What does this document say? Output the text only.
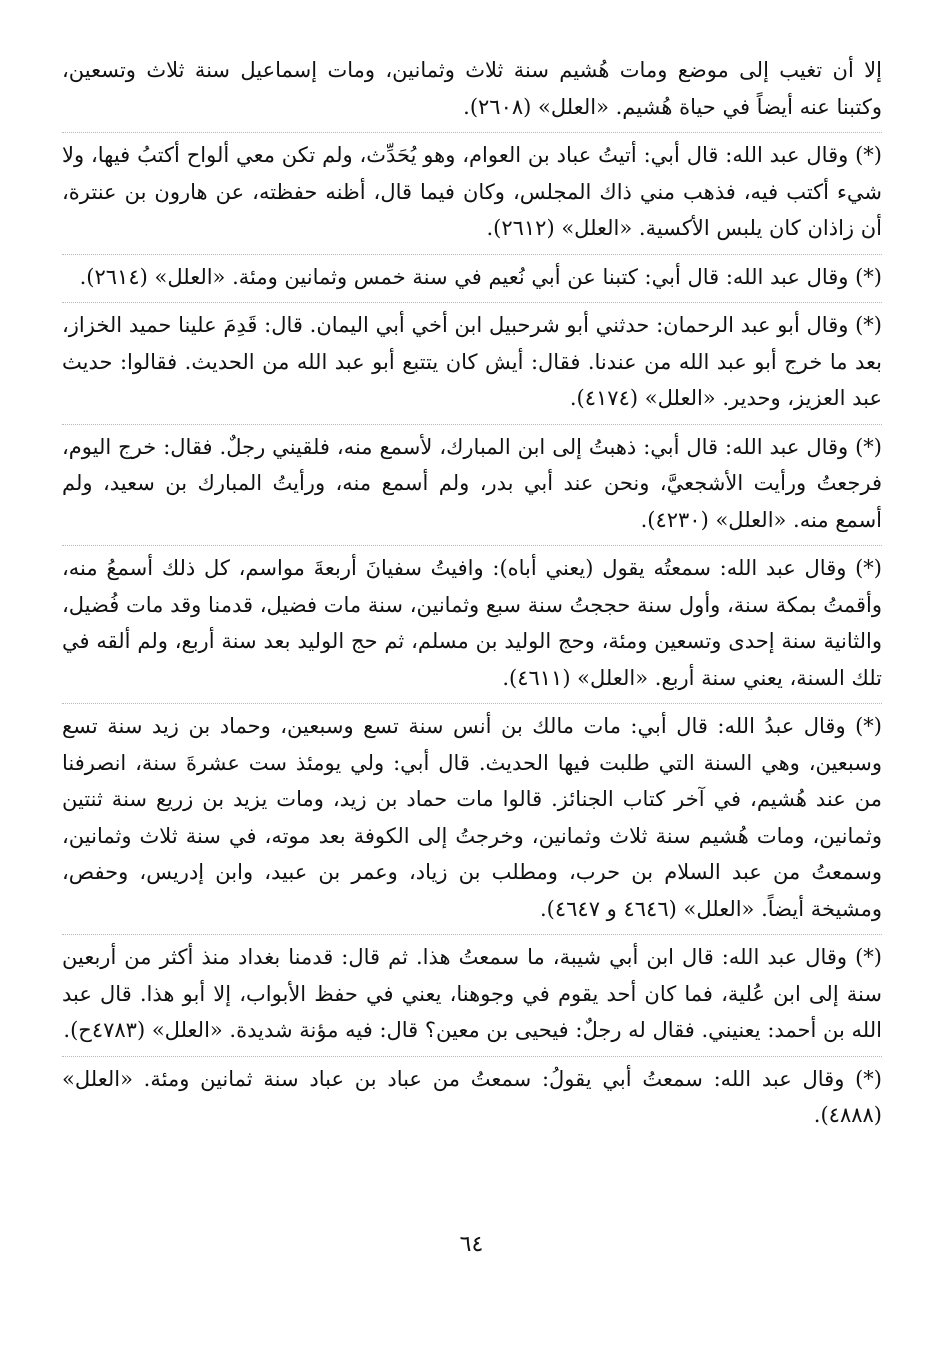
إلا أن تغيب إلى موضع ومات هُشيم سنة ثلاث وثمانين، ومات إسماعيل سنة ثلاث وتسعين، وكتبنا عنه أيضاً في حياة هُشيم. «العلل» (٢٦٠٨).

(*) وقال عبد الله: قال أبي: أتيتُ عباد بن العوام، وهو يُحَدِّث، ولم تكن معي ألواح أكتبُ فيها، ولا شيء أكتب فيه، فذهب مني ذاك المجلس، وكان فيما قال، أظنه حفظته، عن هارون بن عنترة، أن زاذان كان يلبس الأكسية. «العلل» (٢٦١٢).

(*) وقال عبد الله: قال أبي: كتبنا عن أبي نُعيم في سنة خمس وثمانين ومئة. «العلل» (٢٦١٤).

(*) وقال أبو عبد الرحمان: حدثني أبو شرحبيل ابن أخي أبي اليمان. قال: قَدِمَ علينا حميد الخزاز، بعد ما خرج أبو عبد الله من عندنا. فقال: أيش كان يتتبع أبو عبد الله من الحديث. فقالوا: حديث عبد العزيز، وحدير. «العلل» (٤١٧٤).

(*) وقال عبد الله: قال أبي: ذهبتُ إلى ابن المبارك، لأسمع منه، فلقيني رجلٌ. فقال: خرج اليوم، فرجعتُ ورأيت الأشجعيَّ، ونحن عند أبي بدر، ولم أسمع منه، ورأيتُ المبارك بن سعيد، ولم أسمع منه. «العلل» (٤٢٣٠).

(*) وقال عبد الله: سمعتُه يقول (يعني أباه): وافيتُ سفيانَ أربعةَ مواسم، كل ذلك أسمعُ منه، وأقمتُ بمكة سنة، وأول سنة حججتُ سنة سبع وثمانين، سنة مات فضيل، قدمنا وقد مات فُضيل، والثانية سنة إحدى وتسعين ومئة، وحج الوليد بن مسلم، ثم حج الوليد بعد سنة أربع، ولم ألقه في تلك السنة، يعني سنة أربع. «العلل» (٤٦١١).

(*) وقال عبدُ الله: قال أبي: مات مالك بن أنس سنة تسع وسبعين، وحماد بن زيد سنة تسع وسبعين، وهي السنة التي طلبت فيها الحديث. قال أبي: ولي يومئذ ست عشرةَ سنة، انصرفنا من عند هُشيم، في آخر كتاب الجنائز. قالوا مات حماد بن زيد، ومات يزيد بن زريع سنة ثنتين وثمانين، ومات هُشيم سنة ثلاث وثمانين، وخرجتُ إلى الكوفة بعد موته، في سنة ثلاث وثمانين، وسمعتُ من عبد السلام بن حرب، ومطلب بن زياد، وعمر بن عبيد، وابن إدريس، وحفص، ومشيخة أيضاً. «العلل» (٤٦٤٦ و ٤٦٤٧).

(*) وقال عبد الله: قال ابن أبي شيبة، ما سمعتُ هذا. ثم قال: قدمنا بغداد منذ أكثر من أربعين سنة إلى ابن عُلية، فما كان أحد يقوم في وجوهنا، يعني في حفظ الأبواب، إلا أبو هذا. قال عبد الله بن أحمد: يعنيني. فقال له رجلٌ: فيحيى بن معين؟ قال: فيه مؤنة شديدة. «العلل» (٤٧٨٣ح).

(*) وقال عبد الله: سمعتُ أبي يقولُ: سمعتُ من عباد بن عباد سنة ثمانين ومئة. «العلل» (٤٨٨٨).

٦٤
